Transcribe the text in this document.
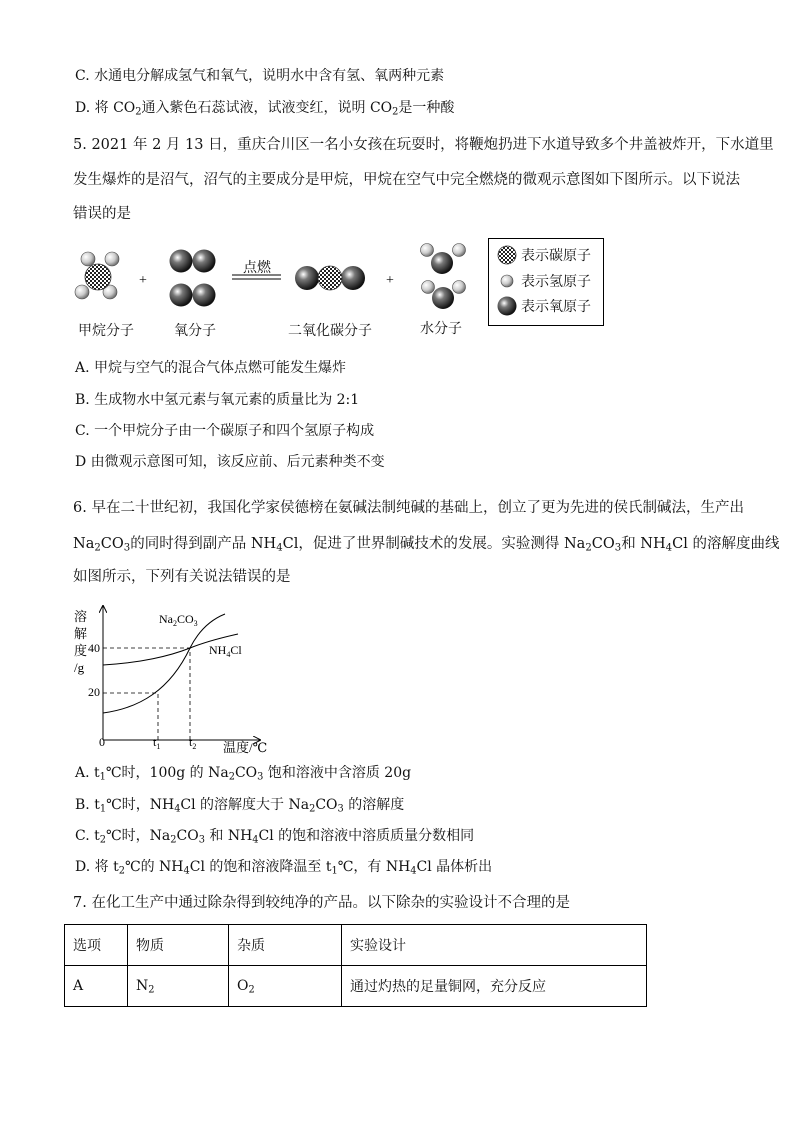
C. 水通电分解成氢气和氧气，说明水中含有氢、氧两种元素
D. 将 $CO_2$通入紫色石蕊试液，试液变红，说明 $CO_2$是一种酸
5. 2021 年 2 月 13 日，重庆合川区一名小女孩在玩耍时，将鞭炮扔进下水道导致多个井盖被炸开，下水道里
发生爆炸的是沼气，沼气的主要成分是甲烷，甲烷在空气中完全燃烧的微观示意图如下图所示。以下说法
错误的是
+	+
点燃
甲烷分子	氧分子	二氧化碳分子	水分子
表示碳原子
表示氢原子
表示氧原子
A. 甲烷与空气的混合气体点燃可能发生爆炸
B. 生成物水中氢元素与氧元素的质量比为 2:1
C. 一个甲烷分子由一个碳原子和四个氢原子构成
D 由微观示意图可知，该反应前、后元素种类不变
6. 早在二十世纪初，我国化学家侯德榜在氨碱法制纯碱的基础上，创立了更为先进的侯氏制碱法，生产出
$Na_2CO_3$的同时得到副产品 $NH_4Cl$，促进了世界制碱技术的发展。实验测得 $Na_2CO_3$和 $NH_4Cl$ 的溶解度曲线
如图所示，下列有关说法错误的是
溶
解
度
/g
20
40
0	$t_1$ $t_2$ 温度/℃
$Na_2CO_3$
$NH_4Cl$
A. $t_1℃$时，100g 的 $Na_2CO_3$ 饱和溶液中含溶质 20g
B. $t_1℃$时，$NH_4Cl$ 的溶解度大于 $Na_2CO_3$ 的溶解度
C. $t_2℃$时，$Na_2CO_3$ 和 $NH_4Cl$ 的饱和溶液中溶质质量分数相同
D. 将 $t_2℃$的 $NH_4Cl$ 的饱和溶液降温至 $t_1℃$，有 $NH_4Cl$ 晶体析出
7. 在化工生产中通过除杂得到较纯净的产品。以下除杂的实验设计不合理的是
选项	物质	杂质	实验设计
A	$N_2$	$O_2$	通过灼热的足量铜网，充分反应
